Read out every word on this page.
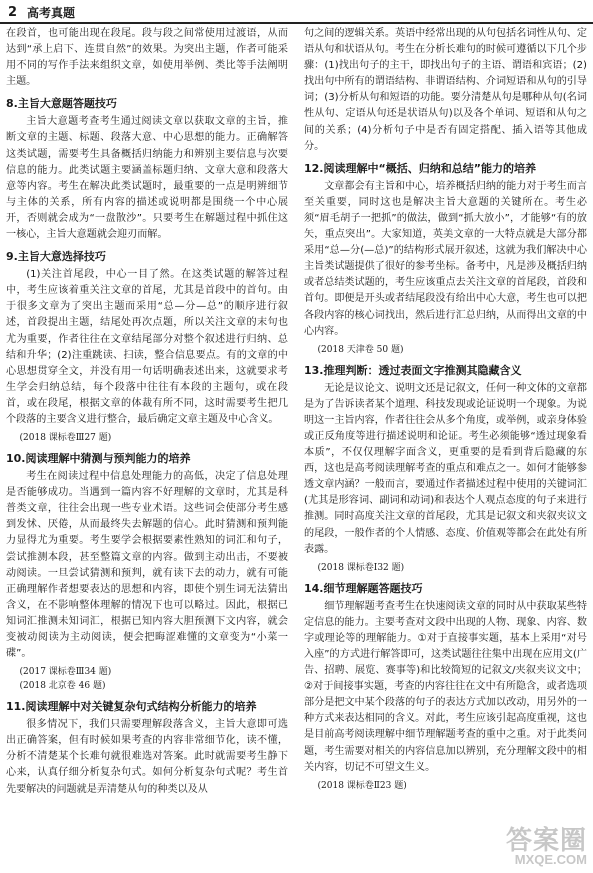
2 高考真题

在段首，也可能出现在段尾。段与段之间常使用过渡语，从而达到“承上启下、连贯自然”的效果。为突出主题，作者可能采用不同的写作手法来组织文章，如使用举例、类比等手法阐明主题。

8.主旨大意题答题技巧

主旨大意题考查考生通过阅读文章以获取文章的主旨，推断文章的主题、标题、段落大意、中心思想的能力。正确解答这类试题，需要考生具备概括归纳能力和辨别主要信息与次要信息的能力。此类试题主要涵盖标题归纳、文章大意和段落大意等内容。考生在解决此类试题时，最重要的一点是明辨细节与主体的关系，所有内容的描述或说明都是围绕一个中心展开，否则就会成为“一盘散沙”。只要考生在解题过程中抓住这一核心，主旨大意题就会迎刃而解。

9.主旨大意选择技巧

(1)关注首尾段，中心一目了然。在这类试题的解答过程中，考生应该着重关注文章的首尾，尤其是首段中的首句。由于很多文章为了突出主题而采用“总—分—总”的顺序进行叙述，首段提出主题，结尾处再次点题，所以关注文章的末句也尤为重要，作者往往在文章结尾部分对整个叙述进行归纳、总结和升华；(2)注重跳读、扫读，整合信息要点。有的文章的中心思想贯穿全文，并没有用一句话明确表述出来，这就要求考生学会归纳总结，每个段落中往往有本段的主题句，或在段首，或在段尾，根据文章的体裁有所不同，这时需要考生把几个段落的主要含义进行整合，最后确定文章主题及中心含义。

(2018 课标卷Ⅲ27 题)
10.阅读理解中猜测与预判能力的培养

考生在阅读过程中信息处理能力的高低，决定了信息处理是否能够成功。当遇到一篇内容不好理解的文章时，尤其是科普类文章，往往会出现一些专业术语。这些词会使部分考生感到发怵、厌倦，从而最终失去解题的信心。此时猜测和预判能力显得尤为重要。考生要学会根据要素性熟知的词汇和句子，尝试推测本段，甚至整篇文章的内容。做到主动出击，不要被动阅读。一旦尝试猜测和预判，就有读下去的动力，就有可能正确理解作者想要表达的思想和内容，即使个别生词无法猜出含义，在不影响整体理解的情况下也可以略过。因此，根据已知词汇推测未知词汇，根据已知内容大胆预测下文内容，就会变被动阅读为主动阅读，便会把晦涩难懂的文章变为“小菜一碟”。

(2017 课标卷Ⅲ34 题)
(2018 北京卷 46 题)
11.阅读理解中对关键复杂句式结构分析能力的培养

很多情况下，我们只需要理解段落含义，主旨大意即可选出正确答案，但有时候如果考查的内容非常细节化，读不懂，分析不清楚某个长难句就很难选对答案。此时就需要考生静下心来，认真仔细分析复杂句式。如何分析复杂句式呢？考生首先要解决的问题就是弄清楚从句的种类以及从

句之间的逻辑关系。英语中经常出现的从句包括名词性从句、定语从句和状语从句。考生在分析长难句的时候可遵循以下几个步骤：(1)找出句子的主干，即找出句子的主语、谓语和宾语；(2)找出句中所有的谓语结构、非谓语结构、介词短语和从句的引导词；(3)分析从句和短语的功能。要分清楚从句是哪种从句(名词性从句、定语从句还是状语从句)以及各个单词、短语和从句之间的关系；(4)分析句子中是否有固定搭配、插入语等其他成分。

12.阅读理解中“概括、归纳和总结”能力的培养

文章都会有主旨和中心，培养概括归纳的能力对于考生而言至关重要，同时这也是解决主旨大意题的关键所在。考生必须“眉毛胡子一把抓”的做法，做到“抓大放小”，才能够“有的放矢，重点突出”。大家知道，英美文章的一大特点就是大部分都采用“总—分(—总)”的结构形式展开叙述，这就为我们解决中心主旨类试题提供了很好的参考坐标。备考中，凡是涉及概括归纳或者总结类试题的，考生应该重点去关注文章的首尾段，首段和首句。即便是开头或者结尾段没有给出中心大意，考生也可以把各段内容的核心词找出，然后进行汇总归纳，从而得出文章的中心内容。

(2018 天津卷 50 题)
13.推理判断：透过表面文字推测其隐藏含义

无论是议论文、说明文还是记叙文，任何一种文体的文章都是为了告诉读者某个道理、科技发现或论证说明一个现象。为说明这一主旨内容，作者往往会从多个角度，或举例，或亲身体验或正反角度等进行描述说明和论证。考生必须能够“透过现象看本质”，不仅仅理解字面含义，更重要的是看到背后隐藏的东西，这也是高考阅读理解考查的重点和难点之一。如何才能够参透文章内涵？一般而言，要通过作者描述过程中使用的关键词汇(尤其是形容词、副词和动词)和表达个人观点态度的句子来进行推测。同时高度关注文章的首尾段，尤其是记叙文和夹叙夹议文的尾段，一般作者的个人情感、态度、价值观等都会在此处有所表露。

(2018 课标卷Ⅰ32 题)
14.细节理解题答题技巧

细节理解题考查考生在快速阅读文章的同时从中获取某些特定信息的能力。主要考查对文段中出现的人物、现象、内容、数字或理论等的理解能力。①对于直接事实题，基本上采用“对号入座”的方式进行解答即可，这类试题往往集中出现在应用文(广告、招聘、展览、赛事等)和比较简短的记叙文/夹叙夹议文中；②对于间接事实题，考查的内容往往在文中有所隐含，或者选项部分是把文中某个段落的句子的表达方式加以改动，用另外的一种方式来表达相同的含义。对此，考生应该引起高度重视，这也是目前高考阅读理解中细节理解题考查的重中之重。对于此类问题，考生需要对相关的内容信息加以辨别，充分理解文段中的相关内容，切记不可望文生义。

(2018 课标卷Ⅱ23 题)
答案圈
MXQE.COM
